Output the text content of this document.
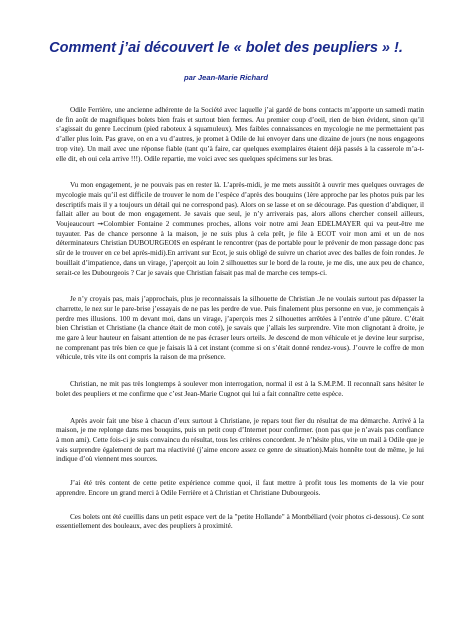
Comment j’ai découvert le « bolet des peupliers » !.
par Jean-Marie Richard

Odile Ferrière, une ancienne adhérente de la Société avec laquelle j’ai gardé de bons contacts m’apporte un samedi matin de fin août de magnifiques bolets bien frais et surtout bien fermes. Au premier coup d’oeil, rien de bien évident, sinon qu’il s’agissait du genre Leccinum (pied raboteux à squamuleux). Mes faibles connaissances en mycologie ne me permettaient pas d’aller plus loin. Pas grave, on en a vu d’autres, je promet à Odile de lui envoyer dans une dizaine de jours (ne nous engageons trop vite). Un mail avec une réponse fiable (tant qu’à faire, car quelques exemplaires étaient déjà passés à la casserole m’a-t-elle dit, eh oui cela arrive !!!). Odile repartie, me voici avec ses quelques spécimens sur les bras.

Vu mon engagement, je ne pouvais pas en rester là. L’après-midi, je me mets aussitôt à ouvrir mes quelques ouvrages de mycologie mais qu’il est difficile de trouver le nom de l’espèce d’après des bouquins (1ère approche par les photos puis par les descriptifs mais il y a toujours un détail qui ne correspond pas). Alors on se lasse et on se décourage. Pas question d’abdiquer, il fallait aller au bout de mon engagement. Je savais que seul, je n’y arriverais pas, alors allons chercher conseil ailleurs, Voujeaucourt ➞Colombier Fontaine 2 communes proches, allons voir notre ami Jean EDELMAYER qui va peut-être me tuyauter. Pas de chance personne à la maison, je ne suis plus à cela prêt, je file à ECOT voir mon ami et un de nos déterminateurs Christian DUBOURGEOIS en espérant le rencontrer (pas de portable pour le prévenir de mon passage donc pas sûr de le trouver en ce bel après-midi).En arrivant sur Ecot, je suis obligé de suivre un chariot avec des balles de foin rondes. Je bouillait d’impatience, dans un virage, j’aperçoit au loin 2 silhouettes sur le bord de la route, je me dis, une aux peu de chance, serait-ce les Dubourgeois ? Car je savais que Christian faisait pas mal de marche ces temps-ci.

Je n’y croyais pas, mais j’approchais, plus je reconnaissais la silhouette de Christian .Je ne voulais surtout pas dépasser la charrette, le nez sur le pare-brise j’essayais de ne pas les perdre de vue. Puis finalement plus personne en vue, je commençais à perdre mes illusions. 100 m devant moi, dans un virage, j’aperçois mes 2 silhouettes arrêtées à l’entrée d’une pâture. C’était bien Christian et Christiane (la chance était de mon coté), je savais que j’allais les surprendre. Vite mon clignotant à droite, je me gare à leur hauteur en faisant attention de ne pas écraser leurs orteils. Je descend de mon véhicule et je devine leur surprise, ne comprenant pas très bien ce que je faisais là à cet instant (comme si on s’était donné rendez-vous). J’ouvre le coffre de mon véhicule, très vite ils ont compris la raison de ma présence.

Christian, ne mit pas très longtemps à soulever mon interrogation, normal il est à la S.M.P.M. Il reconnaît sans hésiter le bolet des peupliers et me confirme que c’est Jean-Marie Cugnot qui lui a fait connaître cette espèce.

Après avoir fait une bise à chacun d’eux surtout à Christiane, je repars tout fier du résultat de ma démarche. Arrivé à la maison, je me replonge dans mes bouquins, puis un petit coup d’Internet pour confirmer. (non pas que je n’avais pas confiance à mon ami). Cette fois-ci je suis convaincu du résultat, tous les critères concordent. Je n’hésite plus, vite un mail à Odile que je vais surprendre également de part ma réactivité (j’aime encore assez ce genre de situation).Mais honnête tout de même, je lui indique d’où viennent mes sources.

J’ai été très content de cette petite expérience comme quoi, il faut mettre à profit tous les moments de la vie pour apprendre. Encore un grand merci à Odile Ferrière et à Christian et Christiane Dubourgeois.

Ces bolets ont été cueillis dans un petit espace vert de la "petite Hollande" à Montbéliard (voir photos ci-dessous). Ce sont essentiellement des bouleaux, avec des peupliers à proximité.
